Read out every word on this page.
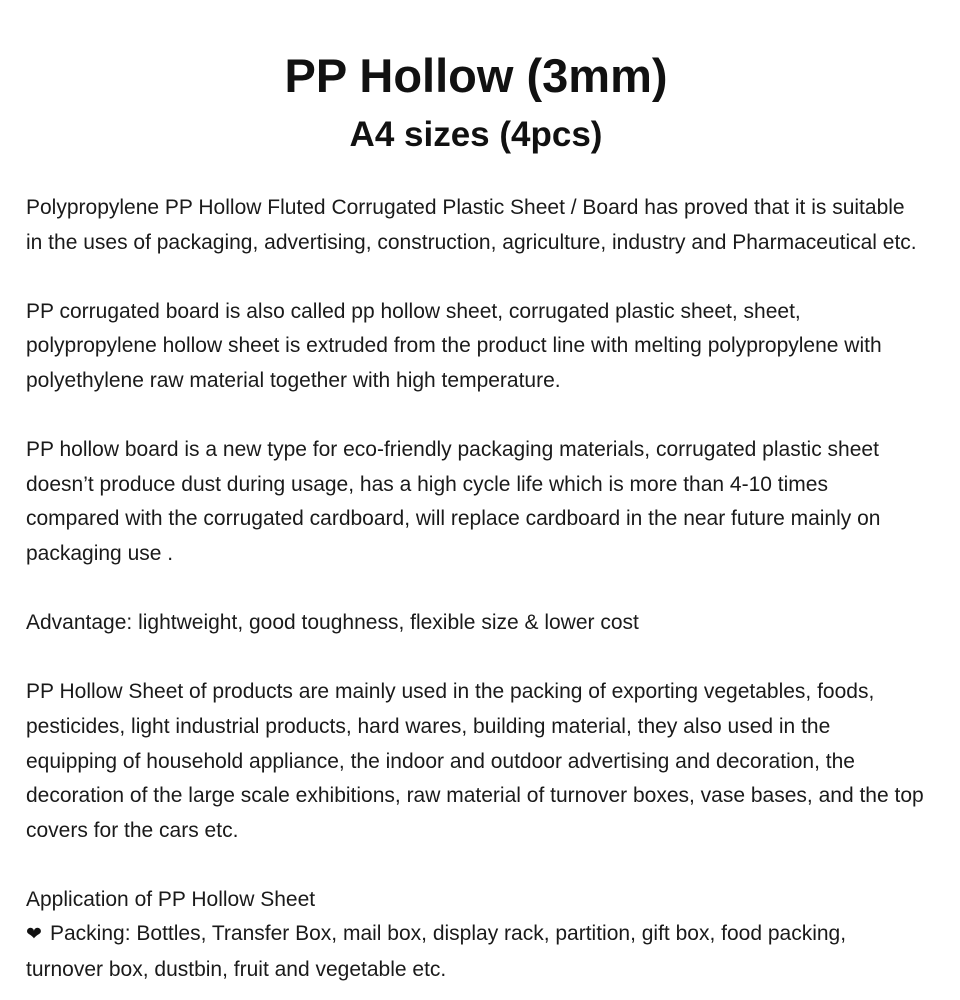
PP Hollow (3mm)
A4 sizes (4pcs)

Polypropylene PP Hollow Fluted Corrugated Plastic Sheet / Board has proved that it is suitable in the uses of packaging, advertising, construction, agriculture, industry and Pharmaceutical etc.

PP corrugated board is also called pp hollow sheet, corrugated plastic sheet, sheet, polypropylene hollow sheet is extruded from the product line with melting polypropylene with polyethylene raw material together with high temperature.

PP hollow board is a new type for eco-friendly packaging materials, corrugated plastic sheet doesn’t produce dust during usage, has a high cycle life which is more than 4-10 times compared with the corrugated cardboard, will replace cardboard in the near future mainly on packaging use .

Advantage: lightweight, good toughness, flexible size & lower cost

PP Hollow Sheet of products are mainly used in the packing of exporting vegetables, foods, pesticides, light industrial products, hard wares, building material, they also used in the equipping of household appliance, the indoor and outdoor advertising and decoration, the decoration of the large scale exhibitions, raw material of turnover boxes, vase bases, and the top covers for the cars etc.

Application of PP Hollow Sheet

❤ Packing: Bottles, Transfer Box, mail box, display rack, partition, gift box, food packing, turnover box, dustbin, fruit and vegetable etc.
